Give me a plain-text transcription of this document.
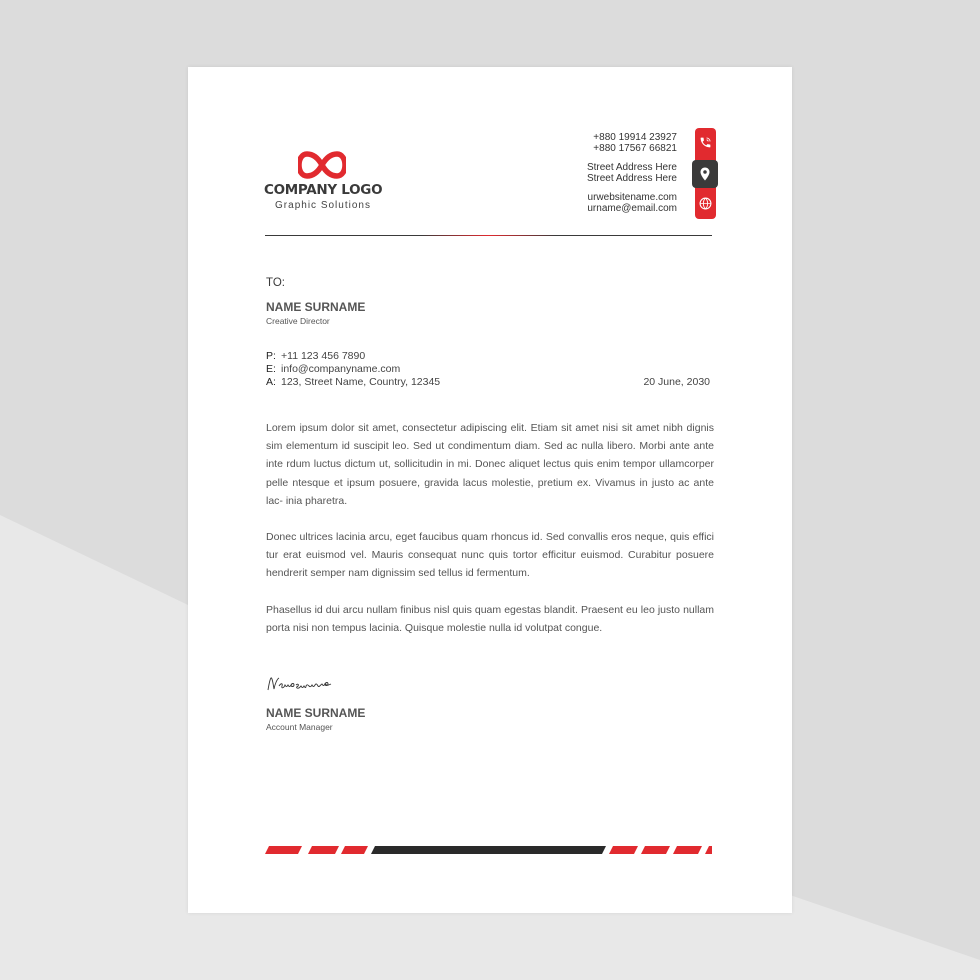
COMPANY LOGO
Graphic Solutions
+880 19914 23927
+880 17567 66821
Street Address Here
Street Address Here
urwebsitename.com
urname@email.com
TO:
NAME SURNAME
Creative Director
P: +11 123 456 7890
E: info@companyname.com
A: 123, Street Name, Country, 12345	20 June, 2030
Lorem ipsum dolor sit amet, consectetur adipiscing elit. Etiam sit amet nisi sit amet nibh dignis sim elementum id suscipit leo. Sed ut condimentum diam. Sed ac nulla libero. Morbi ante ante inte rdum luctus dictum ut, sollicitudin in mi. Donec aliquet lectus quis enim tempor ullamcorper pelle ntesque et ipsum posuere, gravida lacus molestie, pretium ex. Vivamus in justo ac ante lac- inia pharetra.
Donec ultrices lacinia arcu, eget faucibus quam rhoncus id. Sed convallis eros neque, quis effici tur erat euismod vel. Mauris consequat nunc quis tortor efficitur euismod. Curabitur posuere hendrerit semper nam dignissim sed tellus id fermentum.
Phasellus id dui arcu nullam finibus nisl quis quam egestas blandit. Praesent eu leo justo nullam porta nisi non tempus lacinia. Quisque molestie nulla id volutpat congue.
NAME SURNAME
Account Manager
